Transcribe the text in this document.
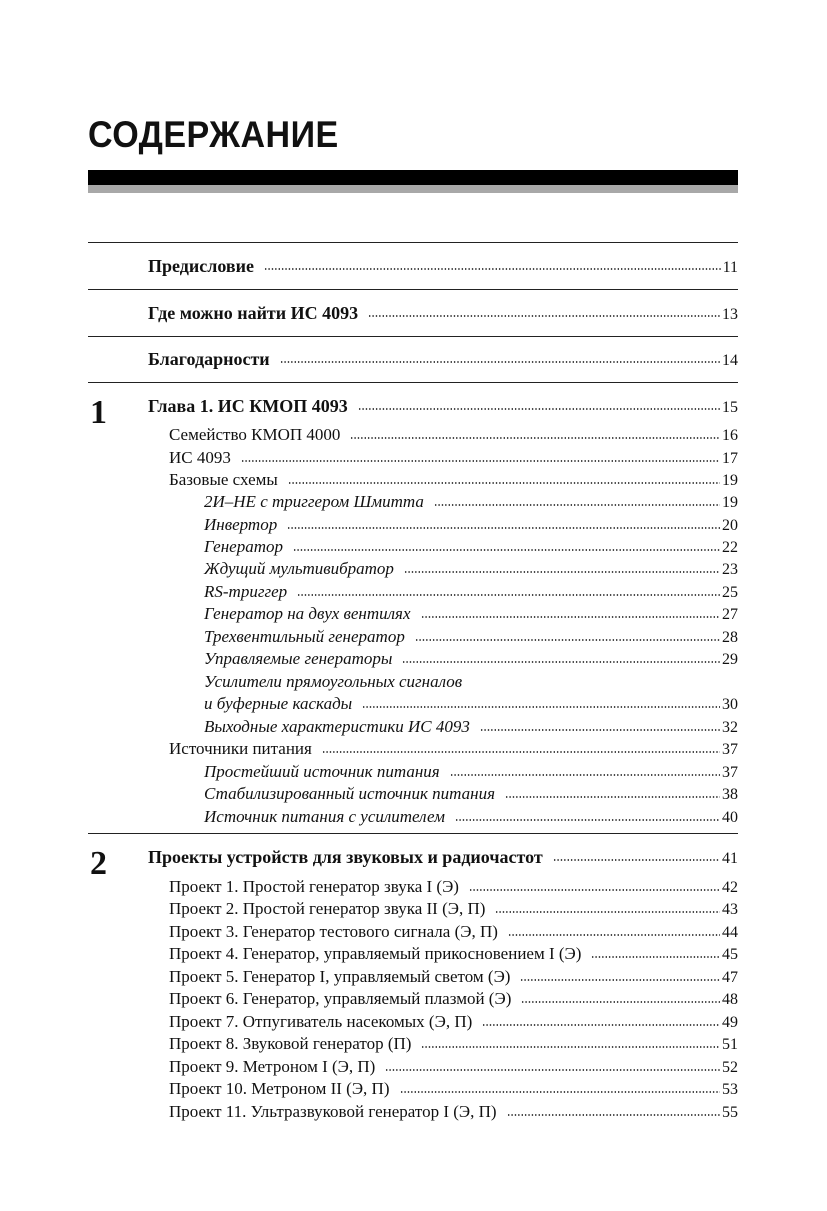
СОДЕРЖАНИЕ
Предисловие	11
Где можно найти ИС 4093	13
Благодарности	14
1 Глава 1. ИС КМОП 4093	15
Семейство КМОП 4000	16
ИС 4093	17
Базовые схемы	19
2И–НЕ с триггером Шмитта	19
Инвертор	20
Генератор	22
Ждущий мультивибратор	23
RS-триггер	25
Генератор на двух вентилях	27
Трехвентильный генератор	28
Управляемые генераторы	29
Усилители прямоугольных сигналов
и буферные каскады	30
Выходные характеристики ИС 4093	32
Источники питания	37
Простейший источник питания	37
Стабилизированный источник питания	38
Источник питания с усилителем	40
2 Проекты устройств для звуковых и радиочастот	41
Проект 1. Простой генератор звука I (Э)	42
Проект 2. Простой генератор звука II (Э, П)	43
Проект 3. Генератор тестового сигнала (Э, П)	44
Проект 4. Генератор, управляемый прикосновением I (Э)	45
Проект 5. Генератор I, управляемый светом (Э)	47
Проект 6. Генератор, управляемый плазмой (Э)	48
Проект 7. Отпугиватель насекомых (Э, П)	49
Проект 8. Звуковой генератор (П)	51
Проект 9. Метроном I (Э, П)	52
Проект 10. Метроном II (Э, П)	53
Проект 11. Ультразвуковой генератор I (Э, П)	55
